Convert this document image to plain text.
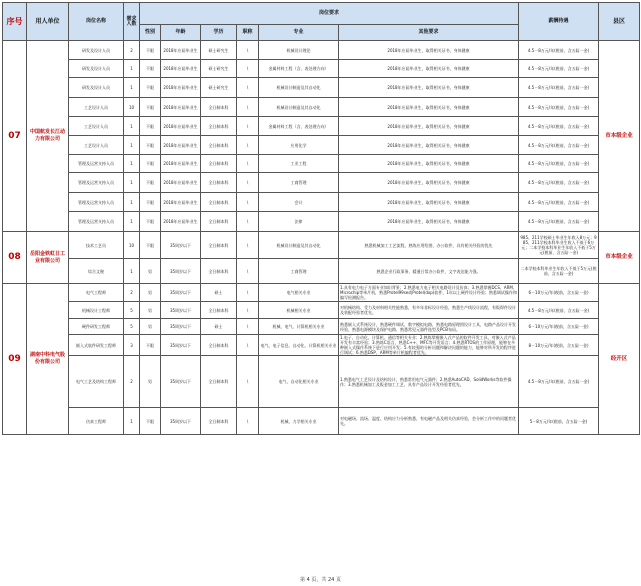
序号	用人单位	岗位名称	需求人数	岗位要求						薪酬待遇	县区
				性别	年龄	学历	职称	专业	其他要求		
07	中国航发长江动力有限公司	研发及设计人员	2	不限	2018年应届毕业生	硕士研究生	\	机械设计理论	2018年应届毕业生，取得相关证书，身体健康	4.5－8万元/年(税前，含五险一金)	市本级企业
		研发及设计人员	1	不限	2018年应届毕业生	硕士研究生	\	金属材料工程（含、表处理方向）	2018年应届毕业生，取得相关证书，身体健康	4.5－8万元/年(税前，含五险一金)	
		研发及设计人员	1	不限	2018年应届毕业生	硕士研究生	\	机械设计制造及其自动化	2018年应届毕业生，取得相关证书，身体健康	4.5－8万元/年(税前，含五险一金)	
		工艺设计人员	10	不限	2018年应届毕业生	全日制本科	\	机械设计制造及其自动化	2018年应届毕业生，取得相关证书，身体健康	4.5－8万元/年(税前，含五险一金)	
		工艺设计人员	1	不限	2018年应届毕业生	全日制本科	\	金属材料工程（含、表处理方向）	2018年应届毕业生，取得相关证书，身体健康	4.5－8万元/年(税前，含五险一金)	
		工艺设计人员	1	不限	2018年应届毕业生	全日制本科	\	应用化学	2018年应届毕业生，取得相关证书，身体健康	4.5－8万元/年(税前，含五险一金)	
		管理及运营支持人员	1	不限	2018年应届毕业生	全日制本科	\	工业工程	2018年应届毕业生，取得相关证书，身体健康	4.5－8万元/年(税前，含五险一金)	
		管理及运营支持人员	1	不限	2018年应届毕业生	全日制本科	\	工商管理	2018年应届毕业生，取得相关证书，身体健康	4.5－8万元/年(税前，含五险一金)	
		管理及运营支持人员	1	不限	2018年应届毕业生	全日制本科	\	会计	2018年应届毕业生，取得相关证书，身体健康	4.5－8万元/年(税前，含五险一金)	
		管理及运营支持人员	1	不限	2018年应届毕业生	全日制本科	\	法律	2018年应届毕业生，取得相关证书，身体健康	4.5－8万元/年(税前，含五险一金)	
08	岳阳金铁虹日工业有限公司	技术工艺员	10	不限	35周岁以下	全日制本科	\	机械设计制造及其自动化	熟悉机械加工工艺流程，熟练应用绘图、办公软件，具有相关经验的优先	985、211学校硕士毕业生年收入8万元；985、211学校本科毕业生收入不低于6万元；二本学校本科毕业生年收入不低于5万元(税前，含五险一金)	市本级企业
		综合文秘	1	男	35周岁以下	全日制本科	\	工商管理	熟悉企业行政事务，精通日常办公软件，文字表达能力强。	二本学校本科毕业生年收入不低于5万元(税前，含五险一金)	
09	湖南中科电气股份有限公司	电气工程师	2	男	35周岁以下	硕士	\	电气相关专业	1.具有电力电子方面专业知识背景；2.熟悉电力电子相关电路设计及仿真；3.熟悉掌握DCS、ARM、Microchip等单片机，熟悉Protel99se或Protel(dxp)软件，1年以上硬件设计经验；熟悉调试操作和编写检测报告。	6－10万元/年(税前，含五险一金)	经开区
		机械设计工程师	5	男	35周岁以下	全日制本科	\	机械相关专业	对机械结构、受力及材料相关性能熟悉，有多年非标设计经验，熟悉生产线设计流程，有钣焊件设计及装配经验者优先。	4.5－8万元/年(税前，含五险一金)	
		硬件研发工程师	5	男	35周岁以下	硕士	\	机械、电气、计算机相关专业	熟悉嵌入式系统设计，熟悉硬件调试、数字模拟电路，熟悉电路原理图设计工具，电路产品设计开发经验，熟悉电源模块及保护电路、熟悉常见元器件选型及PCB布局。	6－10万元/年(税前，含五险一金)	
		嵌入式软件研发工程师	3	不限	35周岁以下	全日制本科	\	电气、电子信息、自动化、计算机相关专业	1.电子、自动化、计算机、通信等相关专业；2.熟练掌握嵌入式产品的软件开发工具，对嵌入式产品开发有丰富经验；3.熟练C语言，熟悉C++、MFC等开发语言；4.熟悉RTOS的工作原理，能够在多种嵌入式操作系统下进行应用开发；5.有较强的分析问题和解决问题的能力，能够对所开发的程序进行调试；6.熟悉DSP、ARM等单片机编程者优先。	8－10万元/年(税前，含五险一金)	
		电气工艺及结构工程师	2	男	35周岁以下	全日制本科	\	电气、自动化相关专业	1.熟悉电气工艺设计及结构设计，熟悉常用电气元器件；2.熟悉AutoCAD、SolidWorks等软件操作；3.熟悉机械加工及钣金加工工艺，具有产品设计开发经验者优先。	4.5－8万元/年(税前，含五险一金)	
		仿真工程师	1	不限	35周岁以下	全日制本科	\	机械、力学相关专业	对电磁场、流场、温度、结构应力分析熟悉，有电磁产品及相关仿真经验，会分析工作中的问题者优先。	5－8万元/年(税前，含五险一金)	
第 4 页，共 24 页
